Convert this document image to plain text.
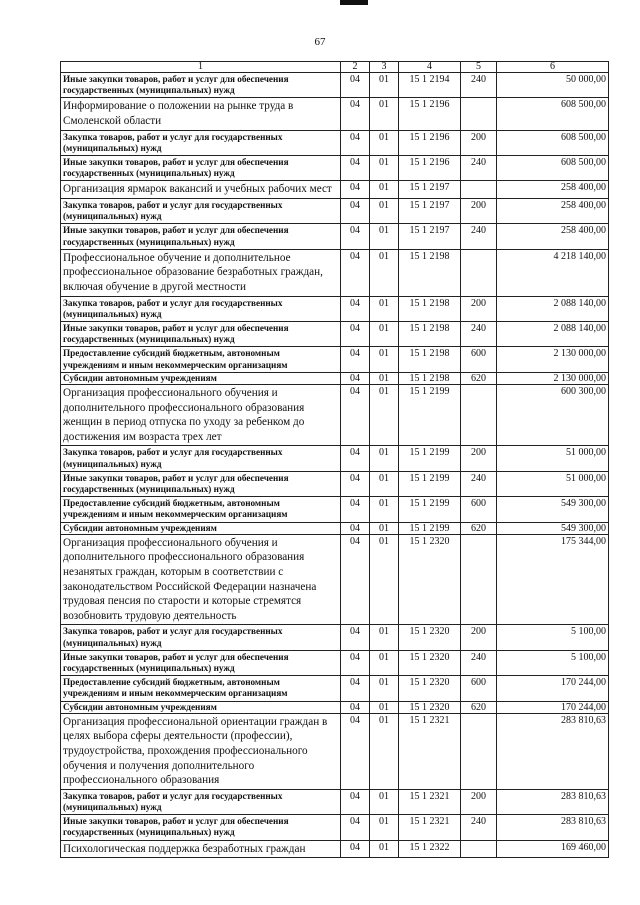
67
1	2	3	4	5	6
Иные закупки товаров, работ и услуг для обеспечения государственных (муниципальных) нужд	04	01	15 1 2194	240	50 000,00
Информирование о положении на рынке труда в Смоленской области	04	01	15 1 2196		608 500,00
Закупка товаров, работ и услуг для государственных (муниципальных) нужд	04	01	15 1 2196	200	608 500,00
Иные закупки товаров, работ и услуг для обеспечения государственных (муниципальных) нужд	04	01	15 1 2196	240	608 500,00
Организация ярмарок вакансий и учебных рабочих мест	04	01	15 1 2197		258 400,00
Закупка товаров, работ и услуг для государственных (муниципальных) нужд	04	01	15 1 2197	200	258 400,00
Иные закупки товаров, работ и услуг для обеспечения государственных (муниципальных) нужд	04	01	15 1 2197	240	258 400,00
Профессиональное обучение и дополнительное профессиональное образование безработных граждан, включая обучение в другой местности	04	01	15 1 2198		4 218 140,00
Закупка товаров, работ и услуг для государственных (муниципальных) нужд	04	01	15 1 2198	200	2 088 140,00
Иные закупки товаров, работ и услуг для обеспечения государственных (муниципальных) нужд	04	01	15 1 2198	240	2 088 140,00
Предоставление субсидий бюджетным, автономным учреждениям и иным некоммерческим организациям	04	01	15 1 2198	600	2 130 000,00
Субсидии автономным учреждениям	04	01	15 1 2198	620	2 130 000,00
Организация профессионального обучения и дополнительного профессионального образования женщин в период отпуска по уходу за ребенком до достижения им возраста трех лет	04	01	15 1 2199		600 300,00
Закупка товаров, работ и услуг для государственных (муниципальных) нужд	04	01	15 1 2199	200	51 000,00
Иные закупки товаров, работ и услуг для обеспечения государственных (муниципальных) нужд	04	01	15 1 2199	240	51 000,00
Предоставление субсидий бюджетным, автономным учреждениям и иным некоммерческим организациям	04	01	15 1 2199	600	549 300,00
Субсидии автономным учреждениям	04	01	15 1 2199	620	549 300,00
Организация профессионального обучения и дополнительного профессионального образования незанятых граждан, которым в соответствии с законодательством Российской Федерации назначена трудовая пенсия по старости и которые стремятся возобновить трудовую деятельность	04	01	15 1 2320		175 344,00
Закупка товаров, работ и услуг для государственных (муниципальных) нужд	04	01	15 1 2320	200	5 100,00
Иные закупки товаров, работ и услуг для обеспечения государственных (муниципальных) нужд	04	01	15 1 2320	240	5 100,00
Предоставление субсидий бюджетным, автономным учреждениям и иным некоммерческим организациям	04	01	15 1 2320	600	170 244,00
Субсидии автономным учреждениям	04	01	15 1 2320	620	170 244,00
Организация профессиональной ориентации граждан в целях выбора сферы деятельности (профессии), трудоустройства, прохождения профессионального обучения и получения дополнительного профессионального образования	04	01	15 1 2321		283 810,63
Закупка товаров, работ и услуг для государственных (муниципальных) нужд	04	01	15 1 2321	200	283 810,63
Иные закупки товаров, работ и услуг для обеспечения государственных (муниципальных) нужд	04	01	15 1 2321	240	283 810,63
Психологическая поддержка безработных граждан	04	01	15 1 2322		169 460,00
